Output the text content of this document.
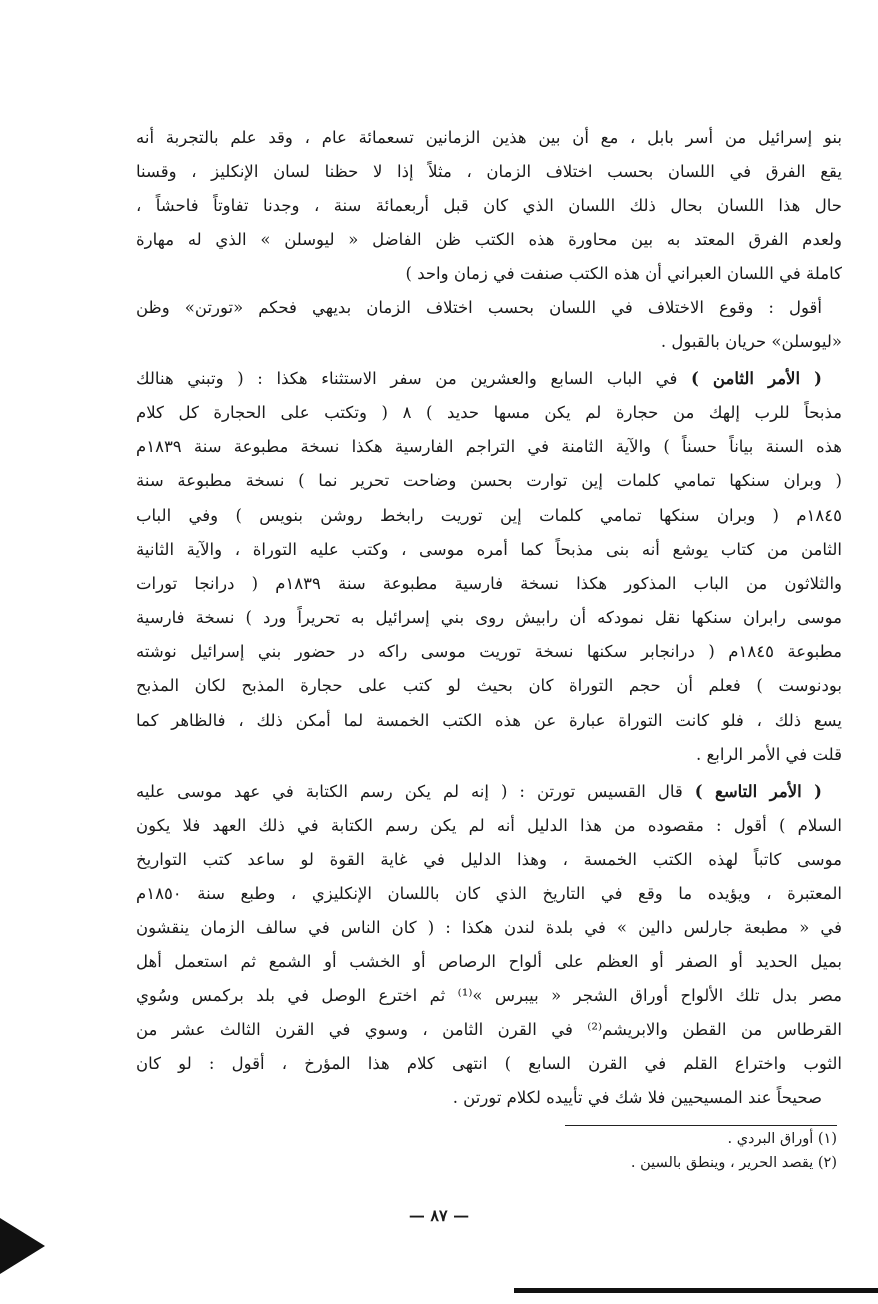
بنو إسرائيل من أسر بابل ، مع أن بين هذين الزمانين تسعمائة عام ، وقد علم بالتجربة أنه
يقع الفرق في اللسان بحسب اختلاف الزمان ، مثلاً إذا لا حظنا لسان الإنكليز ، وقسنا
حال هذا اللسان بحال ذلك اللسان الذي كان قبل أربعمائة سنة ، وجدنا تفاوتاً فاحشاً ،
ولعدم الفرق المعتد به بين محاورة هذه الكتب ظن الفاضل « ليوسلن » الذي له مهارة
كاملة في اللسان العبراني أن هذه الكتب صنفت في زمان واحد )
أقول : وقوع الاختلاف في اللسان بحسب اختلاف الزمان بديهي فحكم «تورتن» وظن
«ليوسلن» حريان بالقبول .
( الأمر الثامن ) في الباب السابع والعشرين من سفر الاستثناء هكذا : ( وتبني هنالك
مذبحاً للرب إلهك من حجارة لم يكن مسها حديد ) ٨ ( وتكتب على الحجارة كل كلام
هذه السنة بياناً حسناً ) والآية الثامنة في التراجم الفارسية هكذا نسخة مطبوعة سنة ١٨٣٩م
( وبران سنكها تمامي كلمات إين توارت بحسن وضاحت تحرير نما ) نسخة مطبوعة سنة
١٨٤٥م ( وبران سنكها تمامي كلمات إين توريت رابخط روشن بنويس ) وفي الباب
الثامن من كتاب يوشع أنه بنى مذبحاً كما أمره موسى ، وكتب عليه التوراة ، والآية الثانية
والثلاثون من الباب المذكور هكذا نسخة فارسية مطبوعة سنة ١٨٣٩م ( درانجا تورات
موسى رابران سنكها نقل نمودكه أن رابيش روى بني إسرائيل به تحريراً ورد ) نسخة فارسية
مطبوعة ١٨٤٥م ( درانجابر سكنها نسخة توريت موسى راكه در حضور بني إسرائيل نوشته
بودنوست ) فعلم أن حجم التوراة كان بحيث لو كتب على حجارة المذبح لكان المذبح
يسع ذلك ، فلو كانت التوراة عبارة عن هذه الكتب الخمسة لما أمكن ذلك ، فالظاهر كما
قلت في الأمر الرابع .
( الأمر التاسع ) قال القسيس تورتن : ( إنه لم يكن رسم الكتابة في عهد موسى عليه
السلام ) أقول : مقصوده من هذا الدليل أنه لم يكن رسم الكتابة في ذلك العهد فلا يكون
موسى كاتباً لهذه الكتب الخمسة ، وهذا الدليل في غاية القوة لو ساعد كتب التواريخ
المعتبرة ، ويؤيده ما وقع في التاريخ الذي كان باللسان الإنكليزي ، وطبع سنة ١٨٥٠م
في « مطبعة جارلس دالين » في بلدة لندن هكذا : ( كان الناس في سالف الزمان ينقشون
بميل الحديد أو الصفر أو العظم على ألواح الرصاص أو الخشب أو الشمع ثم استعمل أهل
مصر بدل تلك الألواح أوراق الشجر « بيبرس »⁽¹⁾ ثم اخترع الوصل في بلد بركمس وسُوي
القرطاس من القطن والابريشم⁽²⁾ في القرن الثامن ، وسوي في القرن الثالث عشر من
الثوب واختراع القلم في القرن السابع ) انتهى كلام هذا المؤرخ ، أقول : لو كان
صحيحاً عند المسيحيين فلا شك في تأييده لكلام تورتن .
(١) أوراق البردي .
(٢) يقصد الحرير ، وينطق بالسين .
— ٨٧ —
